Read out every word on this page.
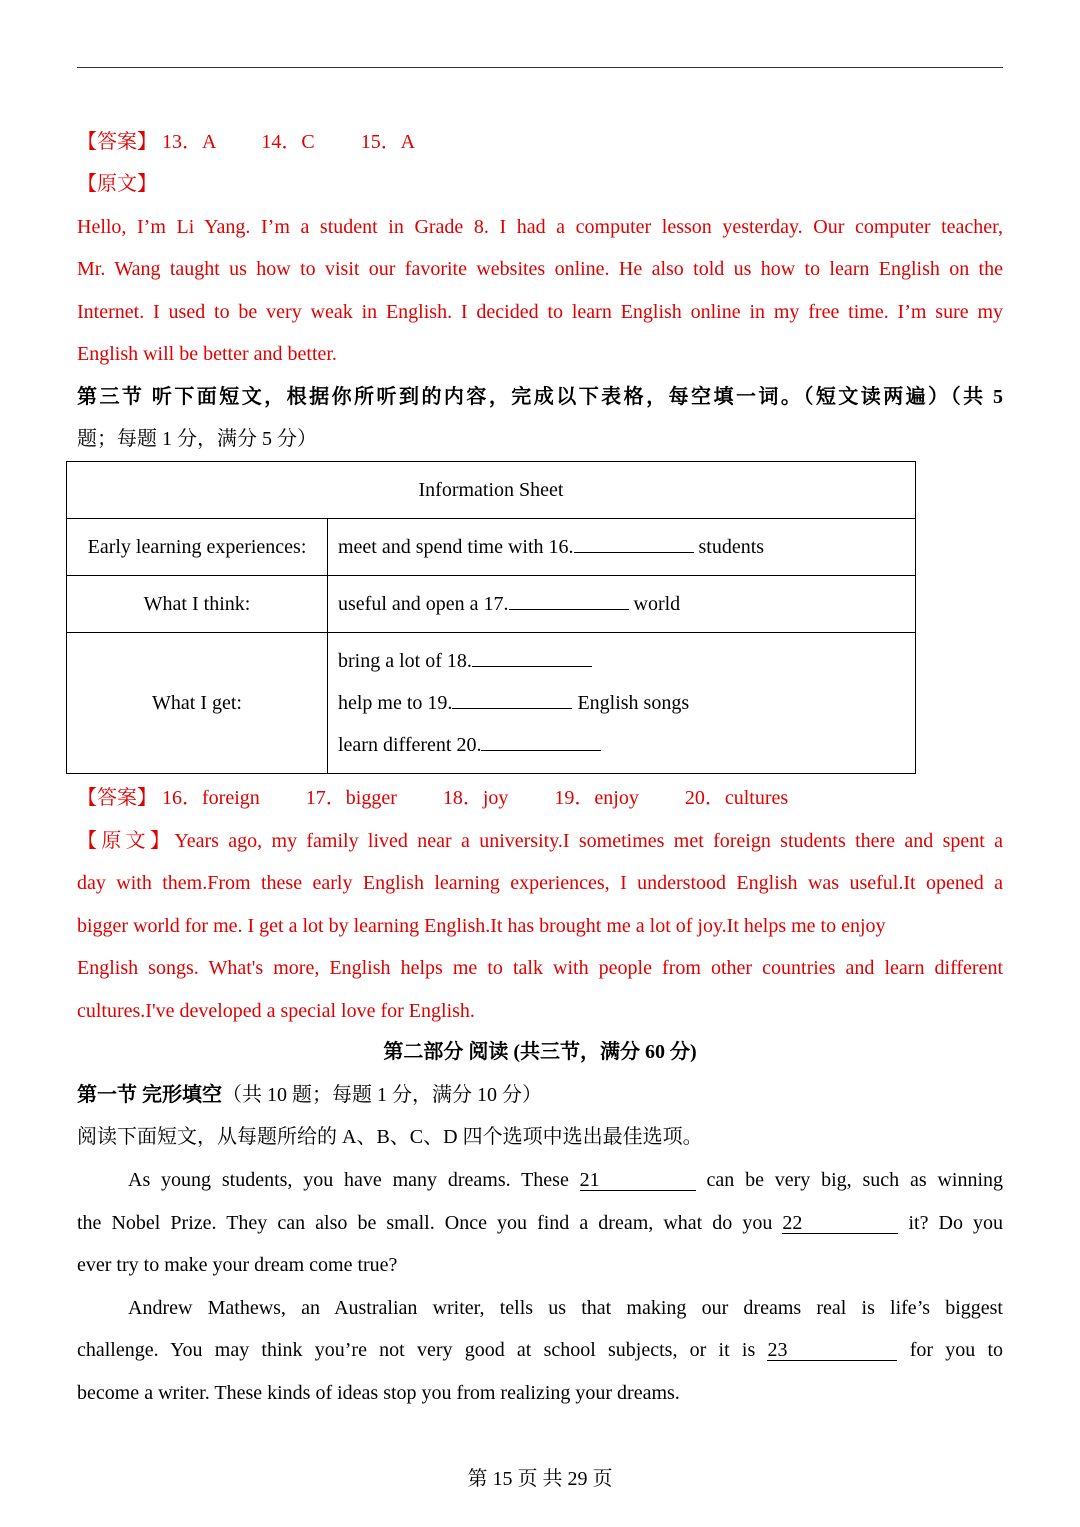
【答案】 13．A 14．C 15．A
【原文】
Hello, I’m Li Yang. I’m a student in Grade 8. I had a computer lesson yesterday. Our computer teacher,
Mr. Wang taught us how to visit our favorite websites online. He also told us how to learn English on the
Internet. I used to be very weak in English. I decided to learn English online in my free time. I’m sure my
English will be better and better.
第三节 听下面短文，根据你所听到的内容，完成以下表格，每空填一词。（短文读两遍）（共 5
题；每题 1 分，满分 5 分）
Information Sheet	
Early learning experiences:	meet and spend time with 16. students
What I think:	useful and open a 17. world
What I get:	bring a lot of 18.
help me to 19. English songs
learn different 20.
【答案】 16．foreign 17．bigger 18．joy 19．enjoy 20．cultures
【原文】Years ago, my family lived near a university.I sometimes met foreign students there and spent a
day with them.From these early English learning experiences, I understood English was useful.It opened a
bigger world for me. I get a lot by learning English.It has brought me a lot of joy.It helps me to enjoy
English songs. What's more, English helps me to talk with people from other countries and learn different
cultures.I've developed a special love for English.
第二部分 阅读 (共三节，满分 60 分)
第一节 完形填空（共 10 题；每题 1 分，满分 10 分）
阅读下面短文，从每题所给的 A、B、C、D 四个选项中选出最佳选项。
As young students, you have many dreams. These 21	can be very big, such as winning
the Nobel Prize. They can also be small. Once you find a dream, what do you 22	it? Do you
ever try to make your dream come true?
Andrew Mathews, an Australian writer, tells us that making our dreams real is life’s biggest
challenge. You may think you’re not very good at school subjects, or it is 23	for you to
become a writer. These kinds of ideas stop you from realizing your dreams.
第 15 页 共 29 页
